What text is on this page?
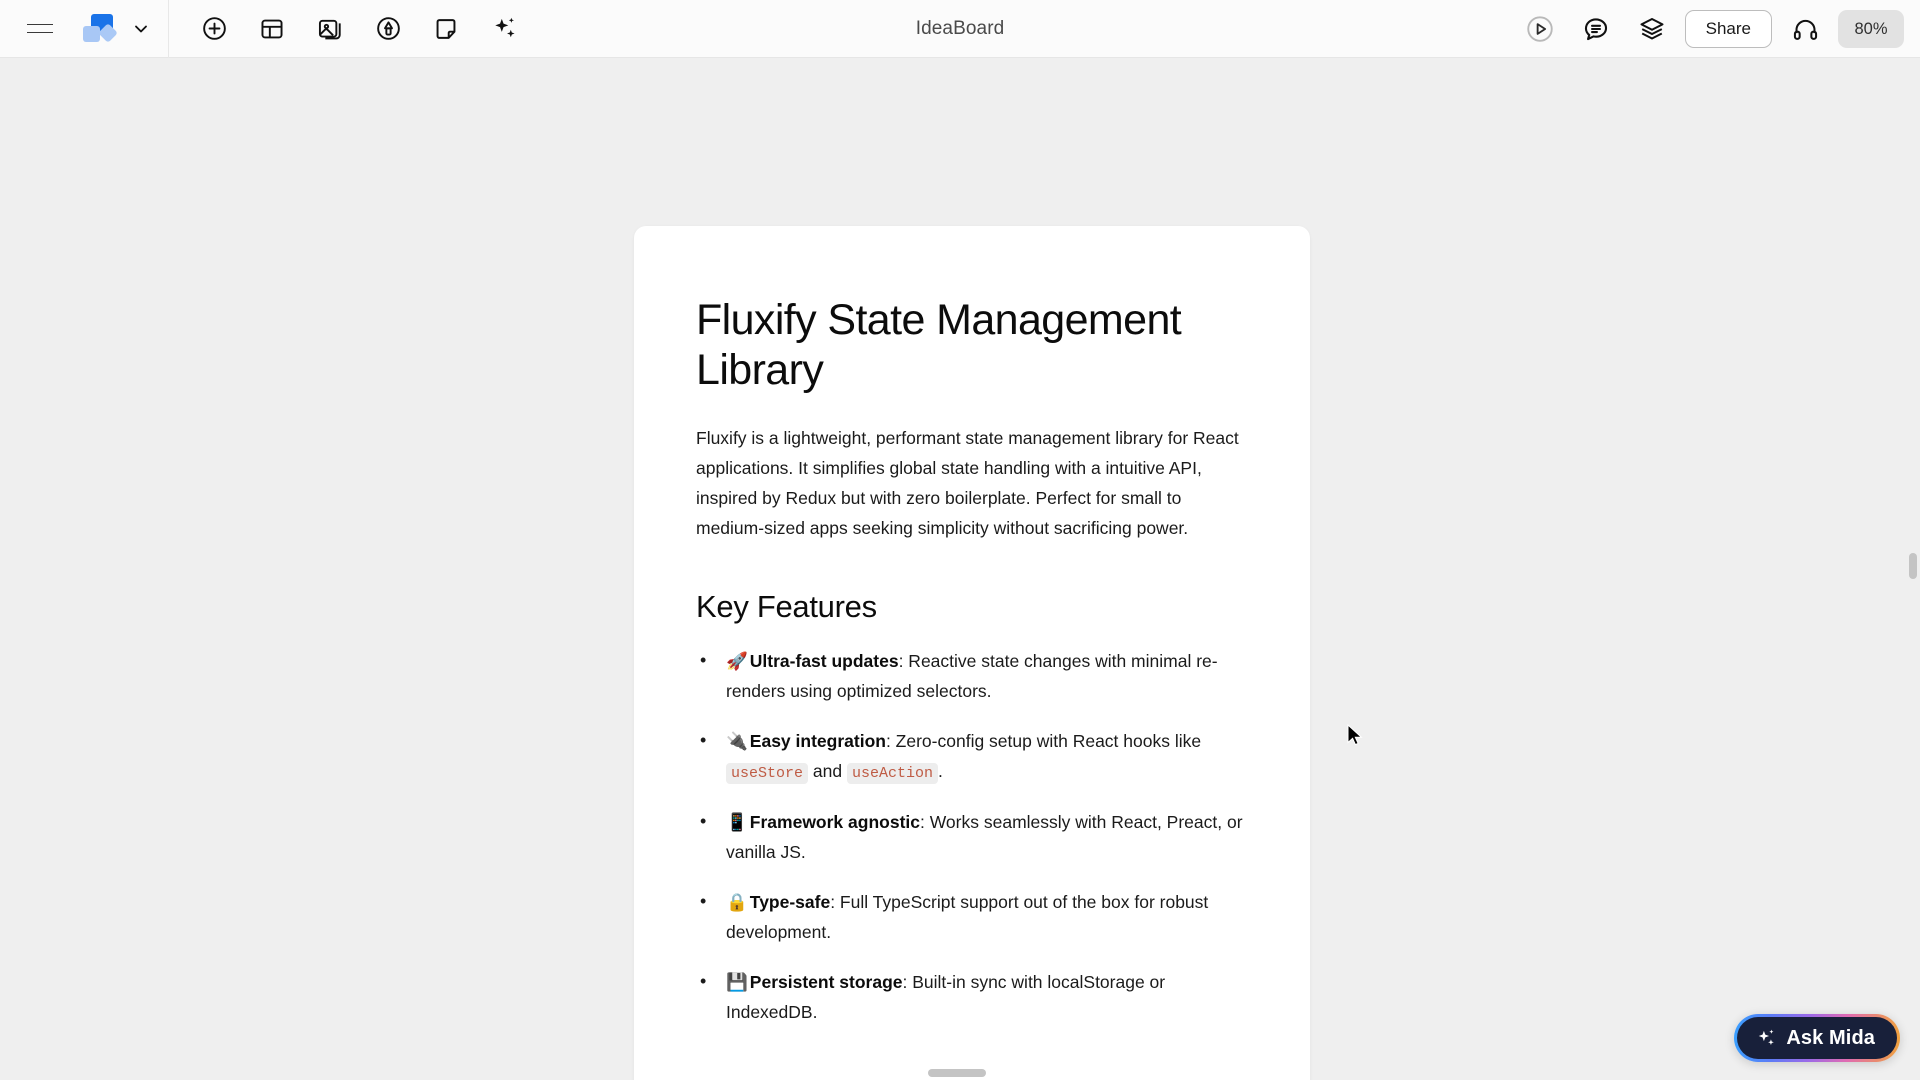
IdeaBoard	Share	80%
Fluxify State Management Library

Fluxify is a lightweight, performant state management library for React applications. It simplifies global state handling with a intuitive API, inspired by Redux but with zero boilerplate. Perfect for small to medium-sized apps seeking simplicity without sacrificing power.

Key Features
• 🚀 Ultra-fast updates: Reactive state changes with minimal re-renders using optimized selectors.
• 🔌 Easy integration: Zero-config setup with React hooks like useStore and useAction .
• 📱 Framework agnostic: Works seamlessly with React, Preact, or vanilla JS.
• 🔒 Type-safe: Full TypeScript support out of the box for robust development.
• 💾 Persistent storage: Built-in sync with localStorage or IndexedDB.
Ask Mida
